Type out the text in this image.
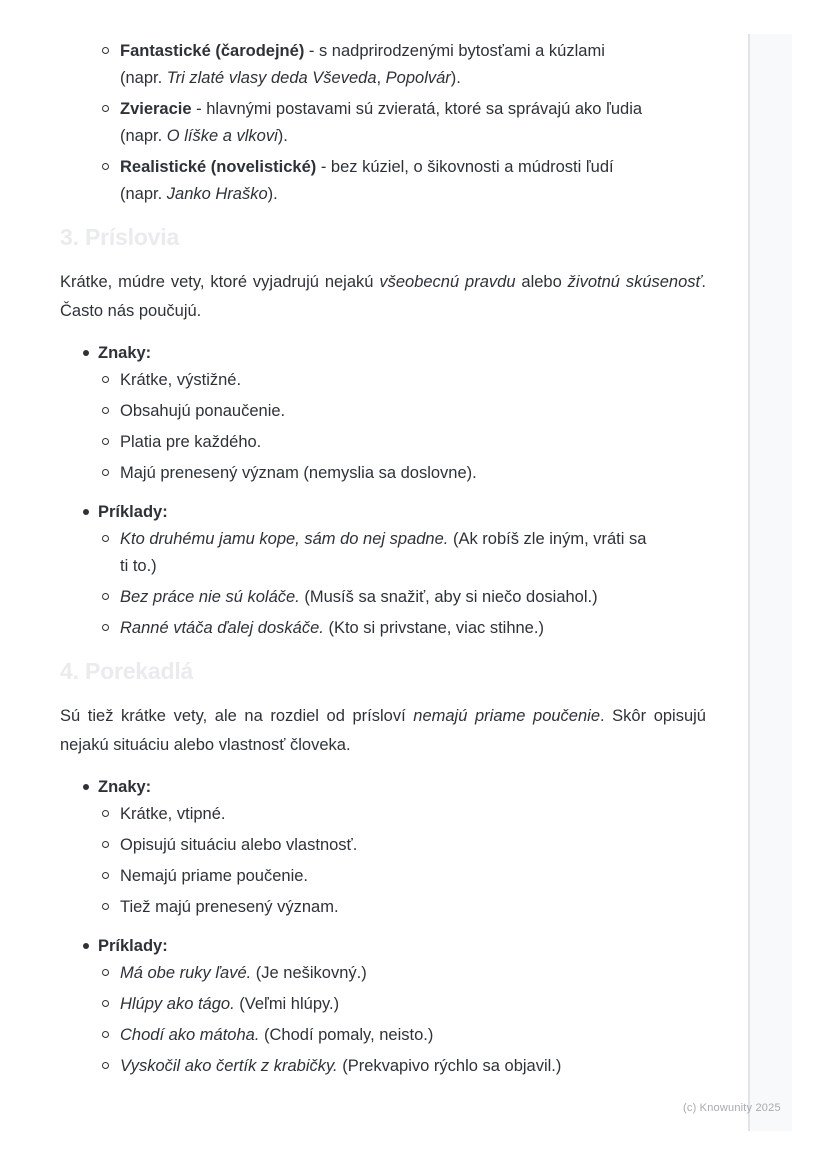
Fantastické (čarodejné) - s nadprirodzenými bytosťami a kúzlami
(napr. Tri zlaté vlasy deda Vševeda, Popolvár).
Zvieracie - hlavnými postavami sú zvieratá, ktoré sa správajú ako ľudia
(napr. O líške a vlkovi).
Realistické (novelistické) - bez kúziel, o šikovnosti a múdrosti ľudí
(napr. Janko Hraško).
3. Príslovia

Krátke, múdre vety, ktoré vyjadrujú nejakú všeobecnú pravdu alebo životnú skúsenosť. Často nás poučujú.

Znaky:
Krátke, výstižné.
Obsahujú ponaučenie.
Platia pre každého.
Majú prenesený význam (nemyslia sa doslovne).
Príklady:
Kto druhému jamu kope, sám do nej spadne. (Ak robíš zle iným, vráti sa
ti to.)
Bez práce nie sú koláče. (Musíš sa snažiť, aby si niečo dosiahol.)
Ranné vtáča ďalej doskáče. (Kto si privstane, viac stihne.)
4. Porekadlá

Sú tiež krátke vety, ale na rozdiel od prísloví nemajú priame poučenie. Skôr opisujú nejakú situáciu alebo vlastnosť človeka.

Znaky:
Krátke, vtipné.
Opisujú situáciu alebo vlastnosť.
Nemajú priame poučenie.
Tiež majú prenesený význam.
Príklady:
Má obe ruky ľavé. (Je nešikovný.)
Hlúpy ako tágo. (Veľmi hlúpy.)
Chodí ako mátoha. (Chodí pomaly, neisto.)
Vyskočil ako čertík z krabičky. (Prekvapivo rýchlo sa objavil.)
(c) Knowunity 2025
